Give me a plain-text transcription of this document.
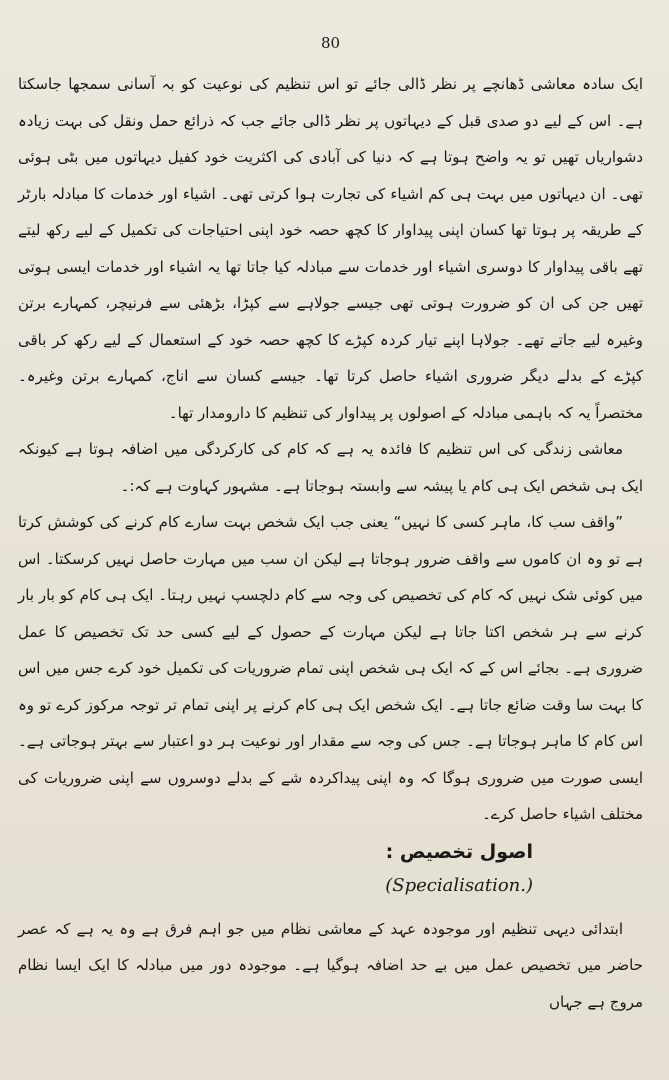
80

ایک سادہ معاشی ڈھانچے پر نظر ڈالی جائے تو اس تنظیم کی نوعیت کو بہ آسانی سمجھا جاسکتا ہے۔ اس کے لیے دو صدی قبل کے دیہاتوں پر نظر ڈالی جائے جب کہ ذرائع حمل ونقل کی بہت زیادہ دشواریاں تھیں تو یہ واضح ہوتا ہے کہ دنیا کی آبادی کی اکثریت خود کفیل دیہاتوں میں بٹی ہوئی تھی۔ ان دیہاتوں میں بہت ہی کم اشیاء کی تجارت ہوا کرتی تھی۔ اشیاء اور خدمات کا مبادلہ بارٹر کے طریقہ پر ہوتا تھا کسان اپنی پیداوار کا کچھ حصہ خود اپنی احتیاجات کی تکمیل کے لیے رکھ لیتے تھے باقی پیداوار کا دوسری اشیاء اور خدمات سے مبادلہ کیا جاتا تھا یہ اشیاء اور خدمات ایسی ہوتی تھیں جن کی ان کو ضرورت ہوتی تھی جیسے جولاہے سے کپڑا، بڑھئی سے فرنیچر، کمہارے برتن وغیرہ لیے جاتے تھے۔ جولاہا اپنے تیار کردہ کپڑے کا کچھ حصہ خود کے استعمال کے لیے رکھ کر باقی کپڑے کے بدلے دیگر ضروری اشیاء حاصل کرتا تھا۔ جیسے کسان سے اناج، کمہارے برتن وغیرہ۔ مختصراً یہ کہ باہمی مبادلہ کے اصولوں پر پیداوار کی تنظیم کا دارومدار تھا۔

معاشی زندگی کی اس تنظیم کا فائدہ یہ ہے کہ کام کی کارکردگی میں اضافہ ہوتا ہے کیونکہ ایک ہی شخص ایک ہی کام یا پیشہ سے وابستہ ہوجاتا ہے۔ مشہور کہاوت ہے کہ:۔

”واقف سب کا، ماہر کسی کا نہیں“ یعنی جب ایک شخص بہت سارے کام کرنے کی کوشش کرتا ہے تو وہ ان کاموں سے واقف ضرور ہوجاتا ہے لیکن ان سب میں مہارت حاصل نہیں کرسکتا۔ اس میں کوئی شک نہیں کہ کام کی تخصیص کی وجہ سے کام دلچسپ نہیں رہتا۔ ایک ہی کام کو بار بار کرنے سے ہر شخص اکتا جاتا ہے لیکن مہارت کے حصول کے لیے کسی حد تک تخصیص کا عمل ضروری ہے۔ بجائے اس کے کہ ایک ہی شخص اپنی تمام ضروریات کی تکمیل خود کرے جس میں اس کا بہت سا وقت ضائع جاتا ہے۔ ایک شخص ایک ہی کام کرنے پر اپنی تمام تر توجہ مرکوز کرے تو وہ اس کام کا ماہر ہوجاتا ہے۔ جس کی وجہ سے مقدار اور نوعیت ہر دو اعتبار سے بہتر ہوجاتی ہے۔ ایسی صورت میں ضروری ہوگا کہ وہ اپنی پیداکردہ شے کے بدلے دوسروں سے اپنی ضروریات کی مختلف اشیاء حاصل کرے۔

اصول تخصیص :
(Specialisation.)

ابتدائی دیہی تنظیم اور موجودہ عہد کے معاشی نظام میں جو اہم فرق ہے وہ یہ ہے کہ عصر حاضر میں تخصیص عمل میں بے حد اضافہ ہوگیا ہے۔ موجودہ دور میں مبادلہ کا ایک ایسا نظام مروج ہے جہاں
